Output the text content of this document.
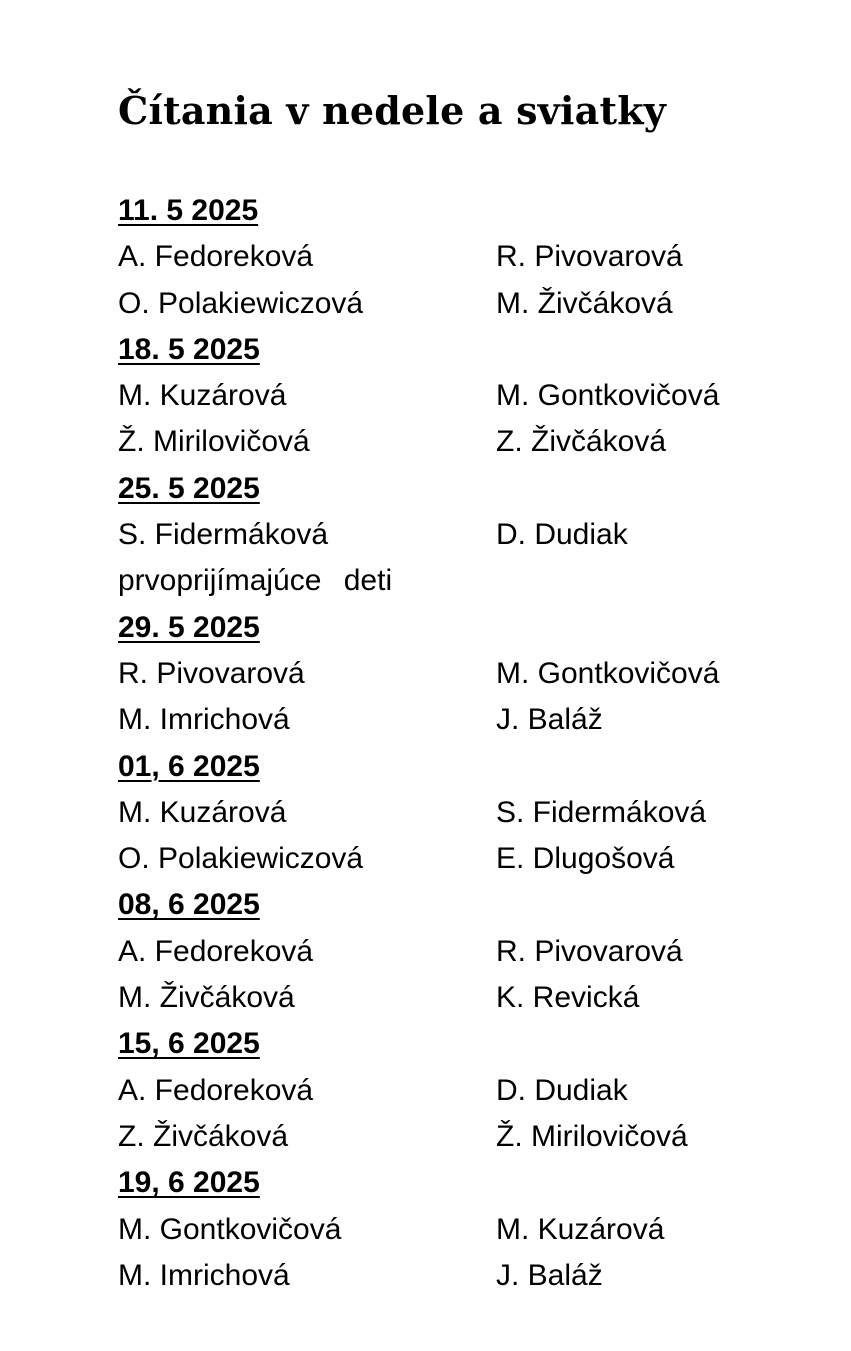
Čítania v nedele a sviatky
11. 5 2025
A. Fedoreková	R. Pivovarová
O. Polakiewiczová	M. Živčáková
18. 5 2025
M. Kuzárová	M. Gontkovičová
Ž. Mirilovičová	Z. Živčáková
25. 5 2025
S. Fidermáková	D. Dudiak
prvoprijímajúce deti
29. 5 2025
R. Pivovarová	M. Gontkovičová
M. Imrichová	J. Baláž
01, 6 2025
M. Kuzárová	S. Fidermáková
O. Polakiewiczová	E. Dlugošová
08, 6 2025
A. Fedoreková	R. Pivovarová
M. Živčáková	K. Revická
15, 6 2025
A. Fedoreková	D. Dudiak
Z. Živčáková	Ž. Mirilovičová
19, 6 2025
M. Gontkovičová	M. Kuzárová
M. Imrichová	J. Baláž
